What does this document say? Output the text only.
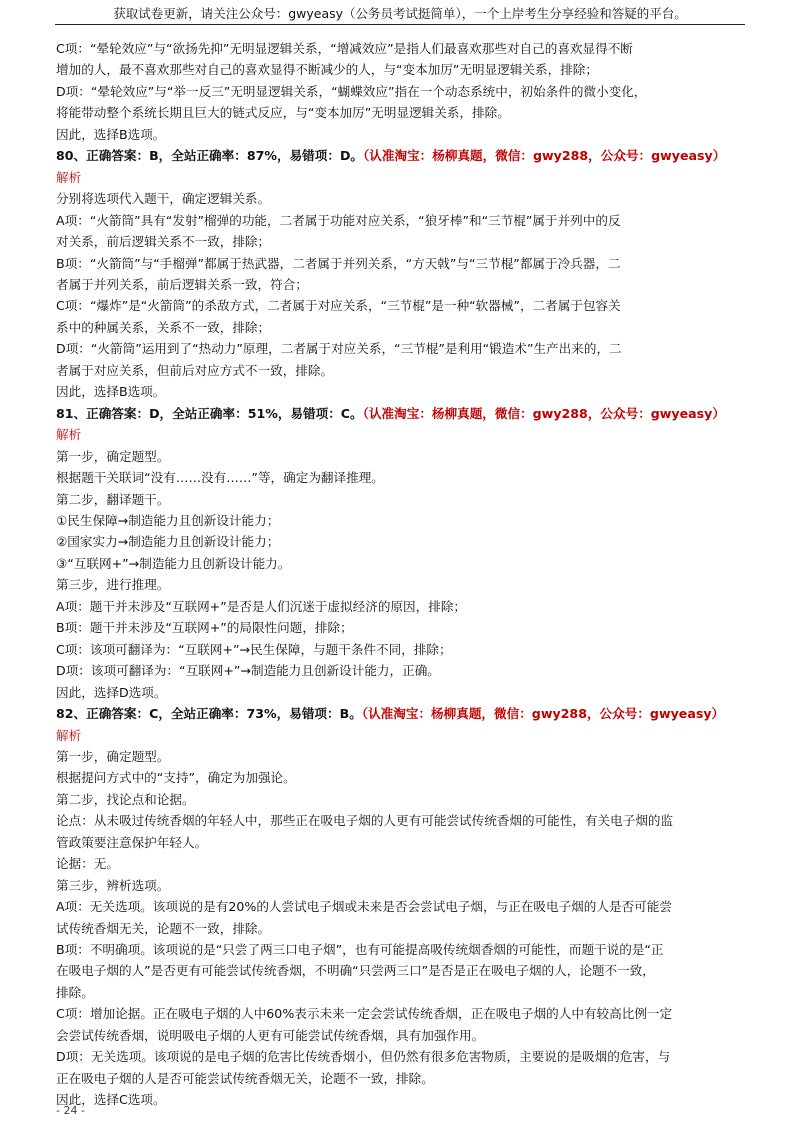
获取试卷更新，请关注公众号：gwyeasy（公务员考试挺简单），一个上岸考生分享经验和答疑的平台。
C项：“晕轮效应”与“欲扬先抑”无明显逻辑关系，“增减效应”是指人们最喜欢那些对自己的喜欢显得不断
增加的人，最不喜欢那些对自己的喜欢显得不断减少的人，与“变本加厉”无明显逻辑关系，排除；
D项：“晕轮效应”与“举一反三”无明显逻辑关系，“蝴蝶效应”指在一个动态系统中，初始条件的微小变化，
将能带动整个系统长期且巨大的链式反应，与“变本加厉”无明显逻辑关系，排除。
因此，选择B选项。
80、正确答案：B，全站正确率：87%，易错项：D。（认准淘宝：杨柳真题，微信：gwy288，公众号：gwyeasy）
解析
分别将选项代入题干，确定逻辑关系。
A项：“火箭筒”具有“发射”榴弹的功能，二者属于功能对应关系，“狼牙棒”和“三节棍”属于并列中的反
对关系，前后逻辑关系不一致，排除；
B项：“火箭筒”与“手榴弹”都属于热武器，二者属于并列关系，“方天戟”与“三节棍”都属于冷兵器，二
者属于并列关系，前后逻辑关系一致，符合；
C项：“爆炸”是“火箭筒”的杀敌方式，二者属于对应关系，“三节棍”是一种“软器械”，二者属于包容关
系中的种属关系，关系不一致，排除；
D项：“火箭筒”运用到了“热动力”原理，二者属于对应关系，“三节棍”是利用“锻造术”生产出来的，二
者属于对应关系，但前后对应方式不一致，排除。
因此，选择B选项。
81、正确答案：D，全站正确率：51%，易错项：C。（认准淘宝：杨柳真题，微信：gwy288，公众号：gwyeasy）
解析
第一步，确定题型。
根据题干关联词“没有……没有……”等，确定为翻译推理。
第二步，翻译题干。
①民生保障→制造能力且创新设计能力；
②国家实力→制造能力且创新设计能力；
③“互联网+”→制造能力且创新设计能力。
第三步，进行推理。
A项：题干并未涉及“互联网+”是否是人们沉迷于虚拟经济的原因，排除；
B项：题干并未涉及“互联网+”的局限性问题，排除；
C项：该项可翻译为：“互联网+”→民生保障，与题干条件不同，排除；
D项：该项可翻译为：“互联网+”→制造能力且创新设计能力，正确。
因此，选择D选项。
82、正确答案：C，全站正确率：73%，易错项：B。（认准淘宝：杨柳真题，微信：gwy288，公众号：gwyeasy）
解析
第一步，确定题型。
根据提问方式中的“支持”，确定为加强论。
第二步，找论点和论据。
论点：从未吸过传统香烟的年轻人中，那些正在吸电子烟的人更有可能尝试传统香烟的可能性，有关电子烟的监
管政策要注意保护年轻人。
论据：无。
第三步，辨析选项。
A项：无关选项。该项说的是有20%的人尝试电子烟或未来是否会尝试电子烟，与正在吸电子烟的人是否可能尝
试传统香烟无关，论题不一致，排除。
B项：不明确项。该项说的是“只尝了两三口电子烟”，也有可能提高吸传统烟香烟的可能性，而题干说的是“正
在吸电子烟的人”是否更有可能尝试传统香烟，不明确“只尝两三口”是否是正在吸电子烟的人，论题不一致，
排除。
C项：增加论据。正在吸电子烟的人中60%表示未来一定会尝试传统香烟，正在吸电子烟的人中有较高比例一定
会尝试传统香烟，说明吸电子烟的人更有可能尝试传统香烟，具有加强作用。
D项：无关选项。该项说的是电子烟的危害比传统香烟小，但仍然有很多危害物质，主要说的是吸烟的危害，与
正在吸电子烟的人是否可能尝试传统香烟无关，论题不一致，排除。
因此，选择C选项。
- 24 -
